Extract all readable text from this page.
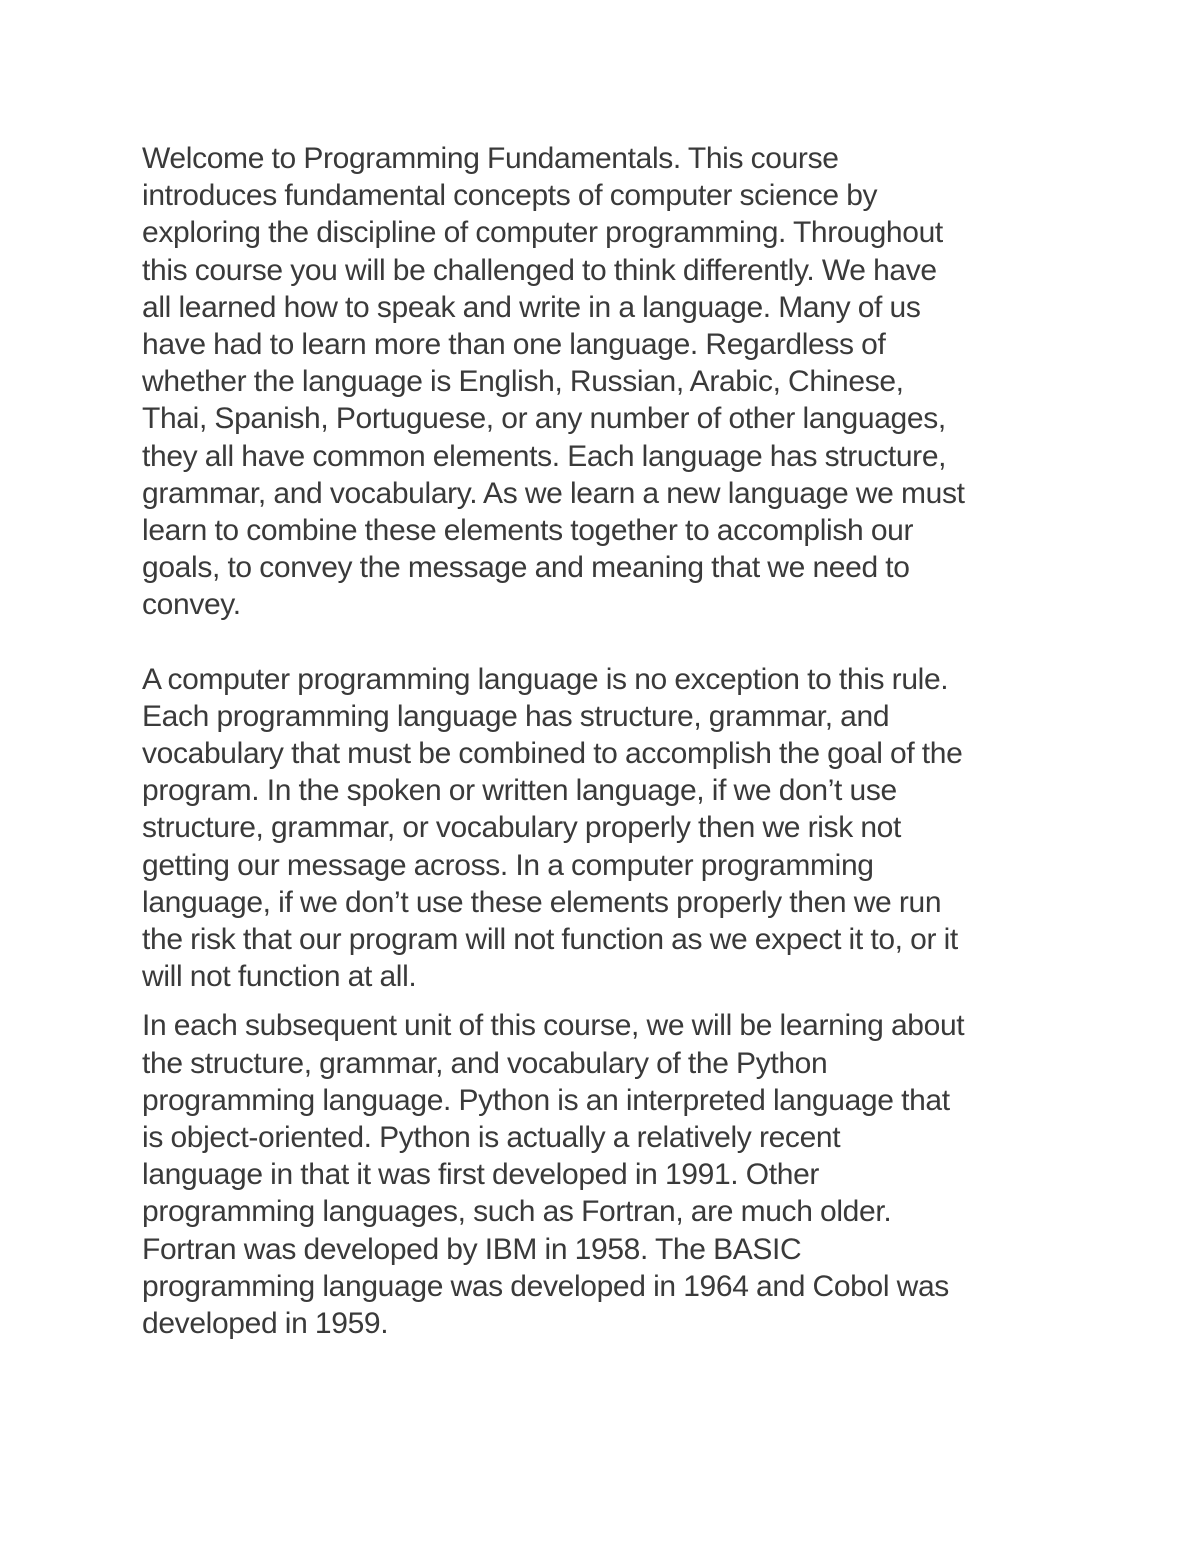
Welcome to Programming Fundamentals. This course
introduces fundamental concepts of computer science by
exploring the discipline of computer programming. Throughout
this course you will be challenged to think differently. We have
all learned how to speak and write in a language. Many of us
have had to learn more than one language. Regardless of
whether the language is English, Russian, Arabic, Chinese,
Thai, Spanish, Portuguese, or any number of other languages,
they all have common elements. Each language has structure,
grammar, and vocabulary. As we learn a new language we must
learn to combine these elements together to accomplish our
goals, to convey the message and meaning that we need to
convey.

A computer programming language is no exception to this rule.
Each programming language has structure, grammar, and
vocabulary that must be combined to accomplish the goal of the
program. In the spoken or written language, if we don’t use
structure, grammar, or vocabulary properly then we risk not
getting our message across. In a computer programming
language, if we don’t use these elements properly then we run
the risk that our program will not function as we expect it to, or it
will not function at all.

In each subsequent unit of this course, we will be learning about
the structure, grammar, and vocabulary of the Python
programming language. Python is an interpreted language that
is object-oriented. Python is actually a relatively recent
language in that it was first developed in 1991. Other
programming languages, such as Fortran, are much older.
Fortran was developed by IBM in 1958. The BASIC
programming language was developed in 1964 and Cobol was
developed in 1959.
